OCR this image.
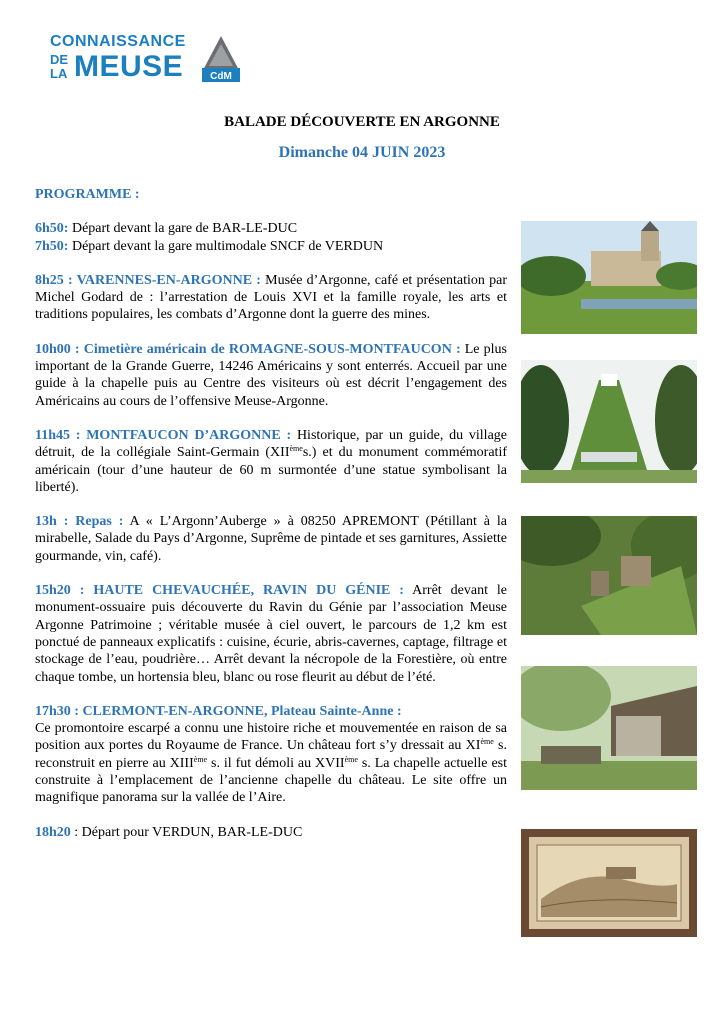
CONNAISSANCE
DE
LA MEUSE	CdM
BALADE DÉCOUVERTE EN ARGONNE
Dimanche 04 JUIN 2023

PROGRAMME :

6h50: Départ devant la gare de BAR-LE-DUC

7h50: Départ devant la gare multimodale SNCF de VERDUN

8h25 : VARENNES-EN-ARGONNE : Musée d’Argonne, café et présentation par Michel Godard de : l’arrestation de Louis XVI et la famille royale, les arts et traditions populaires, les combats d’Argonne dont la guerre des mines.

10h00 : Cimetière américain de ROMAGNE-SOUS-MONTFAUCON : Le plus important de la Grande Guerre, 14246 Américains y sont enterrés. Accueil par une guide à la chapelle puis au Centre des visiteurs où est décrit l’engagement des Américains au cours de l’offensive Meuse-Argonne.

11h45 : MONTFAUCON D’ARGONNE : Historique, par un guide, du village détruit, de la collégiale Saint-Germain (XIIèmes.) et du monument commémoratif américain (tour d’une hauteur de 60 m surmontée d’une statue symbolisant la liberté).

13h : Repas : A « L’Argonn’Auberge » à 08250 APREMONT (Pétillant à la mirabelle, Salade du Pays d’Argonne, Suprême de pintade et ses garnitures, Assiette gourmande, vin, café).

15h20 : HAUTE CHEVAUCHÉE, RAVIN DU GÉNIE : Arrêt devant le monument-ossuaire puis découverte du Ravin du Génie par l’association Meuse Argonne Patrimoine ; véritable musée à ciel ouvert, le parcours de 1,2 km est ponctué de panneaux explicatifs : cuisine, écurie, abris-cavernes, captage, filtrage et stockage de l’eau, poudrière… Arrêt devant la nécropole de la Forestière, où entre chaque tombe, un hortensia bleu, blanc ou rose fleurit au début de l’été.

17h30 : CLERMONT-EN-ARGONNE, Plateau Sainte-Anne :

Ce promontoire escarpé a connu une histoire riche et mouvementée en raison de sa position aux portes du Royaume de France. Un château fort s’y dressait au XIème s. reconstruit en pierre au XIIIème s. il fut démoli au XVIIème s. La chapelle actuelle est construite à l’emplacement de l’ancienne chapelle du château. Le site offre un magnifique panorama sur la vallée de l’Aire.

18h20 : Départ pour VERDUN, BAR-LE-DUC
